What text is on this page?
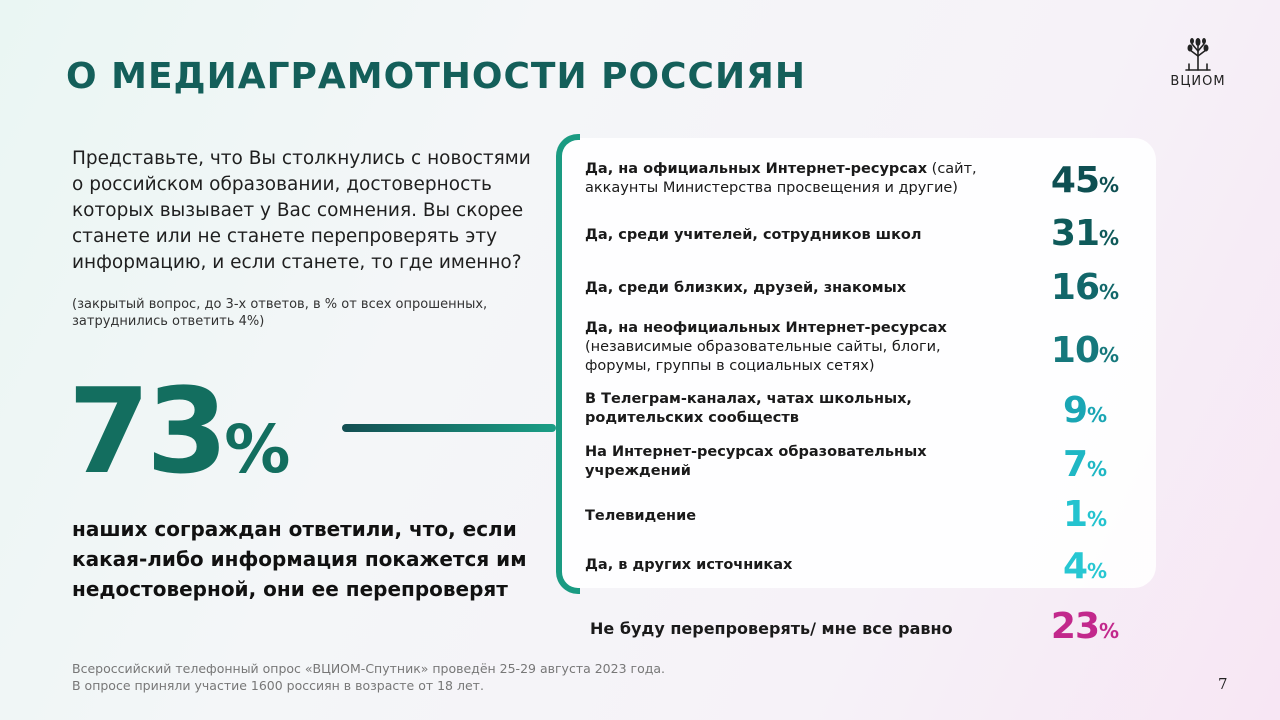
О МЕДИАГРАМОТНОСТИ РОССИЯН	ВЦИОМ
Представьте, что Вы столкнулись с новостями о российском образовании, достоверность которых вызывает у Вас сомнения. Вы скорее станете или не станете перепроверять эту информацию, и если станете, то где именно?
(закрытый вопрос, до 3-х ответов, в % от всех опрошенных, затруднились ответить 4%)
73%
наших сограждан ответили, что, если какая-либо информация покажется им недостоверной, они ее перепроверят
Да, на официальных Интернет-ресурсах (сайт, аккаунты Министерства просвещения и другие)	45%
Да, среди учителей, сотрудников школ	31%
Да, среди близких, друзей, знакомых	16%
Да, на неофициальных Интернет-ресурсах (независимые образовательные сайты, блоги, форумы, группы в социальных сетях)	10%
В Телеграм-каналах, чатах школьных, родительских сообществ	9%
На Интернет-ресурсах образовательных учреждений	7%
Телевидение	1%
Да, в других источниках	4%
Не буду перепроверять/ мне все равно	23%
Всероссийский телефонный опрос «ВЦИОМ-Спутник» проведён 25-29 августа 2023 года.
В опросе приняли участие 1600 россиян в возрасте от 18 лет.	7
